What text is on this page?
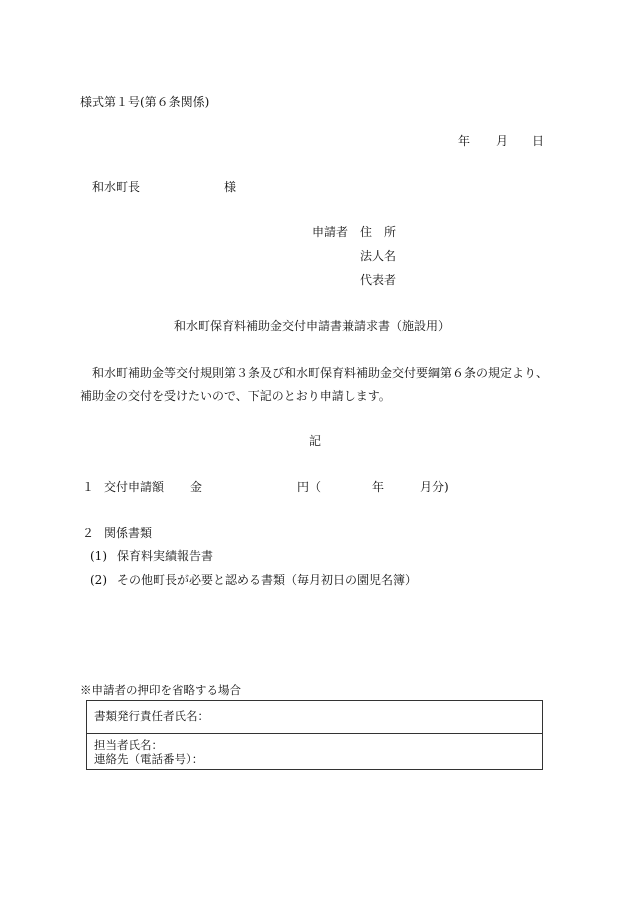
様式第１号(第６条関係)
年 月 日
和水町長	様
申請者 住　所
法人名
代表者
和水町保育料補助金交付申請書兼請求書（施設用）
和水町補助金等交付規則第３条及び和水町保育料補助金交付要綱第６条の規定より、
補助金の交付を受けたいので、下記のとおり申請します。
記
１ 交付申請額 金	円（	年	月分)
２ 関係書類
(1) 保育料実績報告書
(2) その他町長が必要と認める書類（毎月初日の園児名簿）
※申請者の押印を省略する場合
書類発行責任者氏名：
担当者氏名：
連絡先（電話番号）：
